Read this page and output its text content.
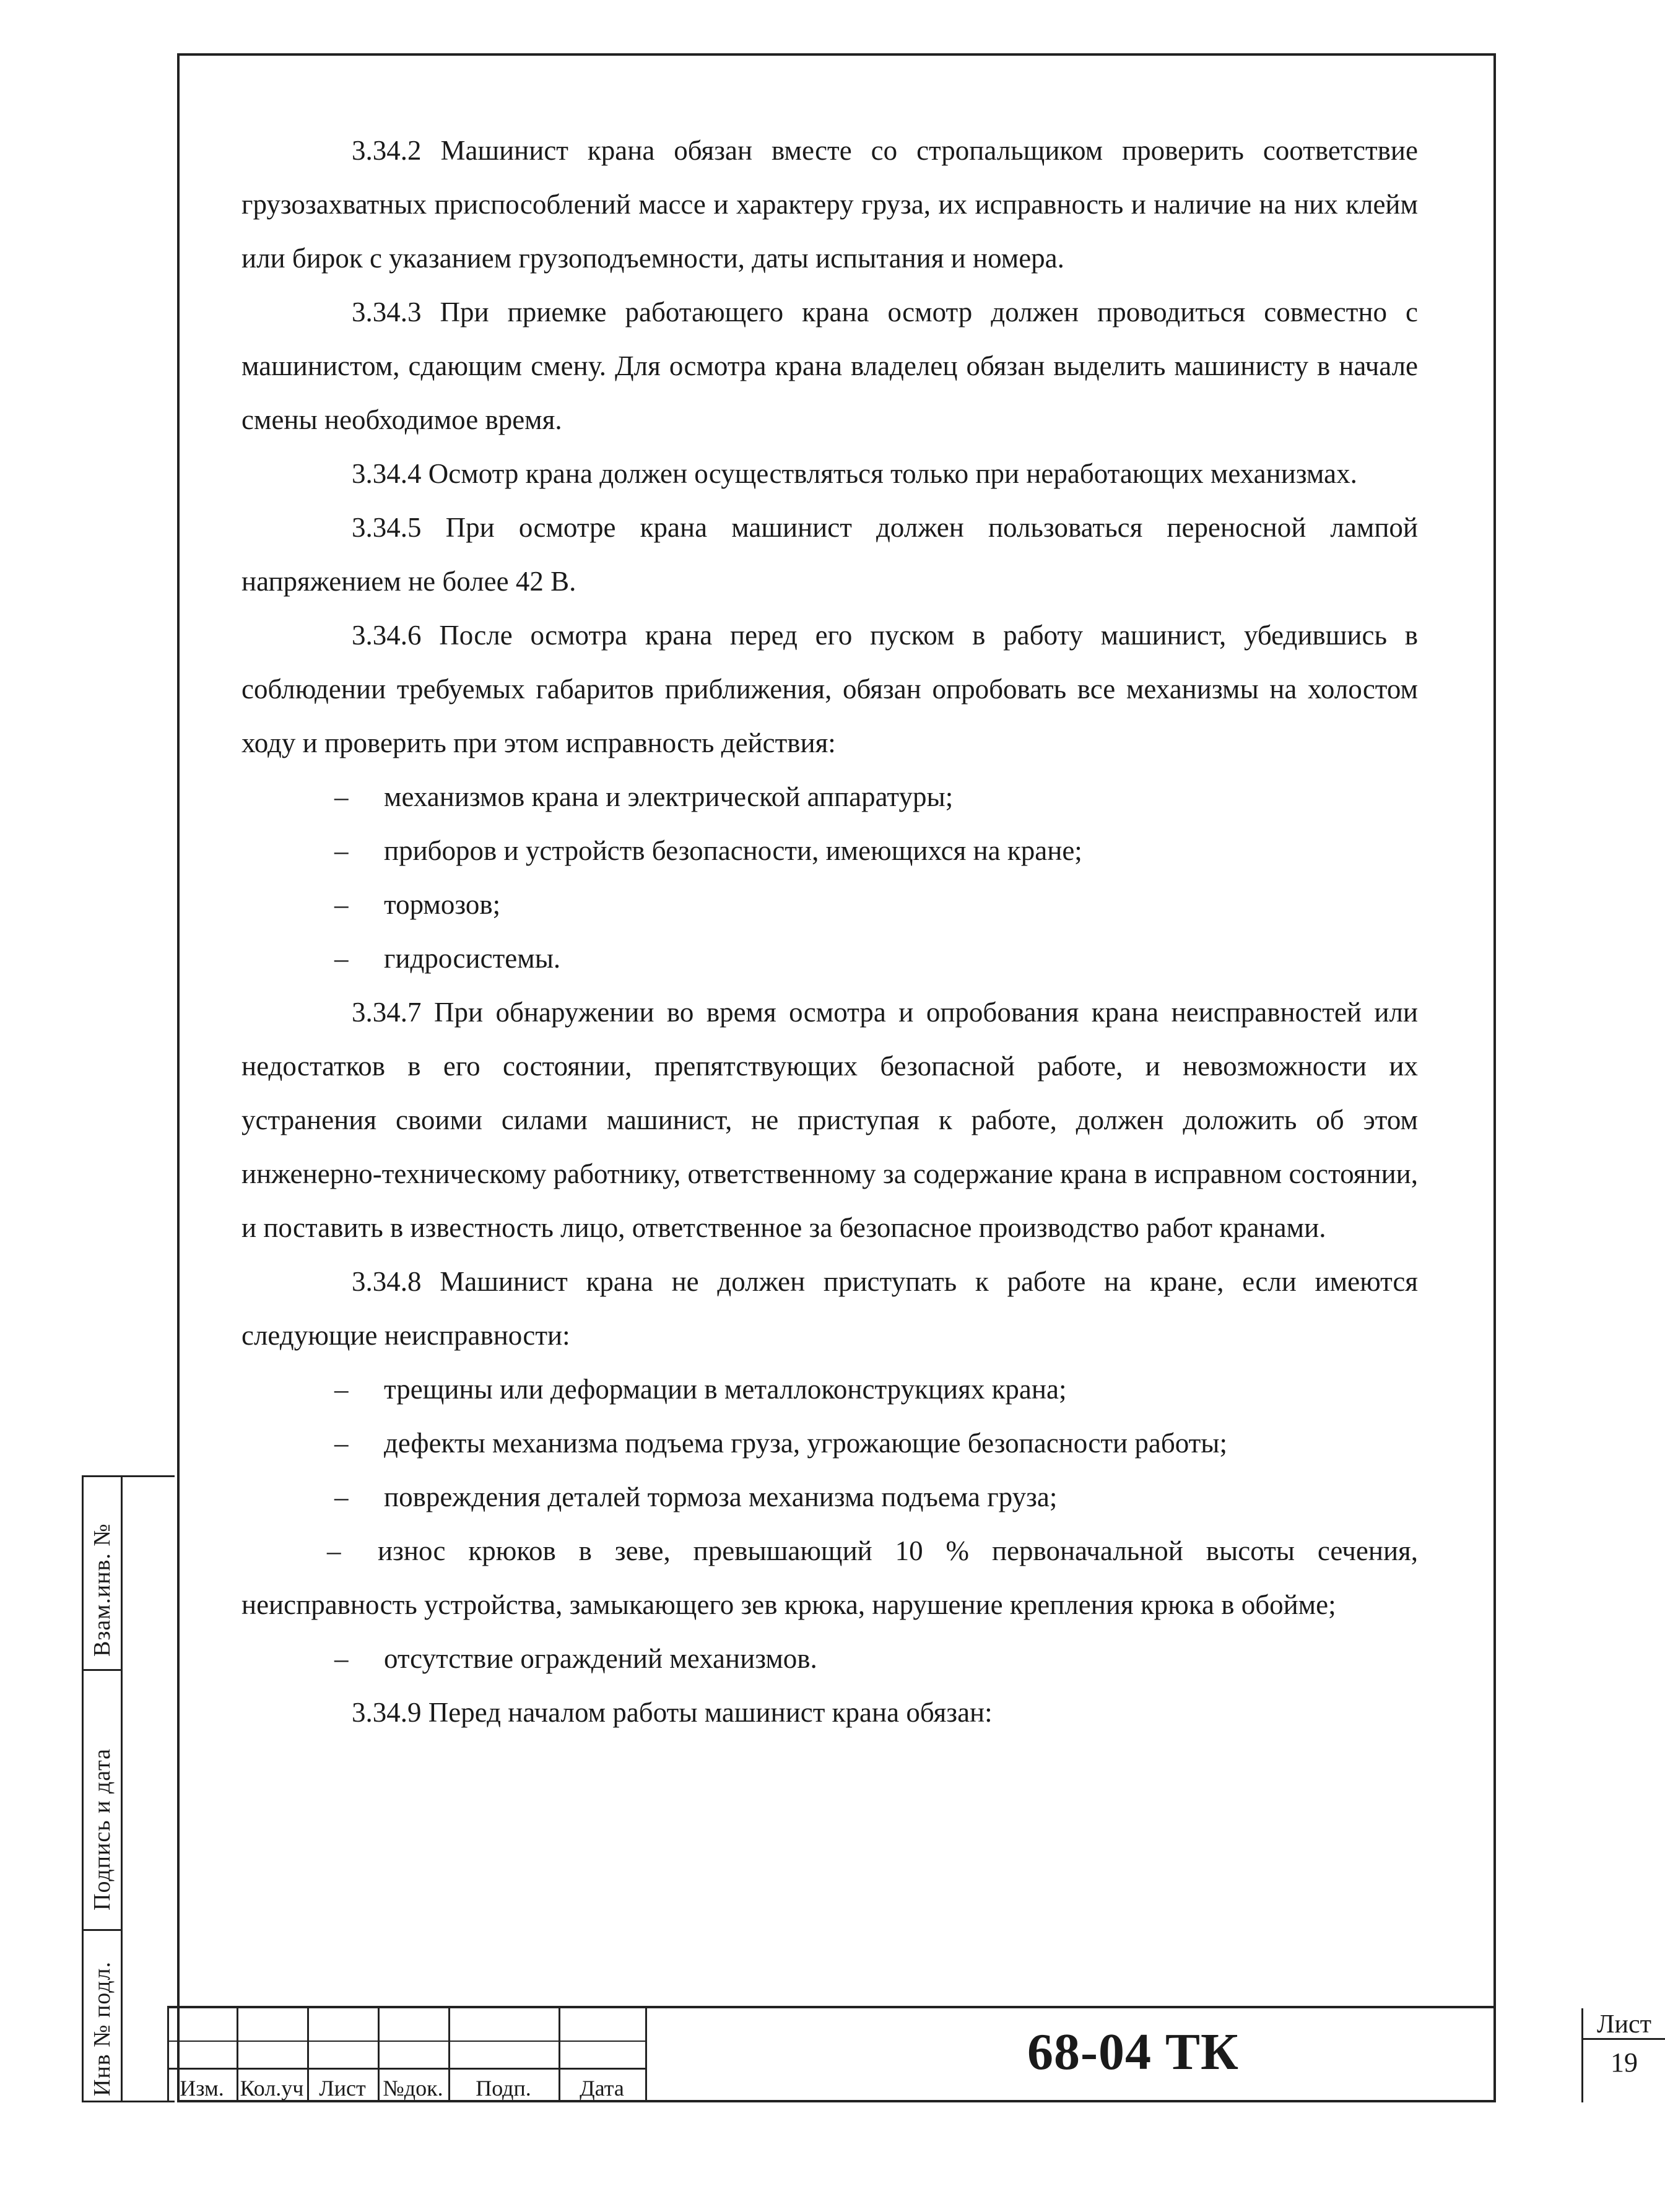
3.34.2 Машинист крана обязан вместе со стропальщиком проверить соответствие грузозахватных приспособлений массе и характеру груза, их исправность и наличие на них клейм или бирок с указанием грузоподъемности, даты испытания и номера.

3.34.3 При приемке работающего крана осмотр должен проводиться совместно с машинистом, сдающим смену. Для осмотра крана владелец обязан выделить машинисту в начале смены необходимое время.

3.34.4 Осмотр крана должен осуществляться только при неработающих механизмах.

3.34.5 При осмотре крана машинист должен пользоваться переносной лампой напряжением не более 42 В.

3.34.6 После осмотра крана перед его пуском в работу машинист, убедившись в соблюдении требуемых габаритов приближения, обязан опробовать все механизмы на холостом ходу и проверить при этом исправность действия:

–	механизмов крана и электрической аппаратуры;

–	приборов и устройств безопасности, имеющихся на кране;

–	тормозов;

–	гидросистемы.

3.34.7 При обнаружении во время осмотра и опробования крана неисправностей или недостатков в его состоянии, препятствующих безопасной работе, и невозможности их устранения своими силами машинист, не приступая к работе, должен доложить об этом инженерно-техническому работнику, ответственному за содержание крана в исправном состоянии, и поставить в известность лицо, ответственное за безопасное производство работ кранами.

3.34.8 Машинист крана не должен приступать к работе на кране, если имеются следующие неисправности:

–	трещины или деформации в металлоконструкциях крана;

–	дефекты механизма подъема груза, угрожающие безопасности работы;

–	повреждения деталей тормоза механизма подъема груза;

– износ крюков в зеве, превышающий 10 % первоначальной высоты сечения, неисправность устройства, замыкающего зев крюка, нарушение крепления крюка в обойме;

–	отсутствие ограждений механизмов.

3.34.9 Перед началом работы машинист крана обязан:

Взам.инв. №
Подпись и дата
Инв № подл.	Изм. Кол.уч Лист №док.	Подп.	Дата
68-04 ТК	Лист
19
